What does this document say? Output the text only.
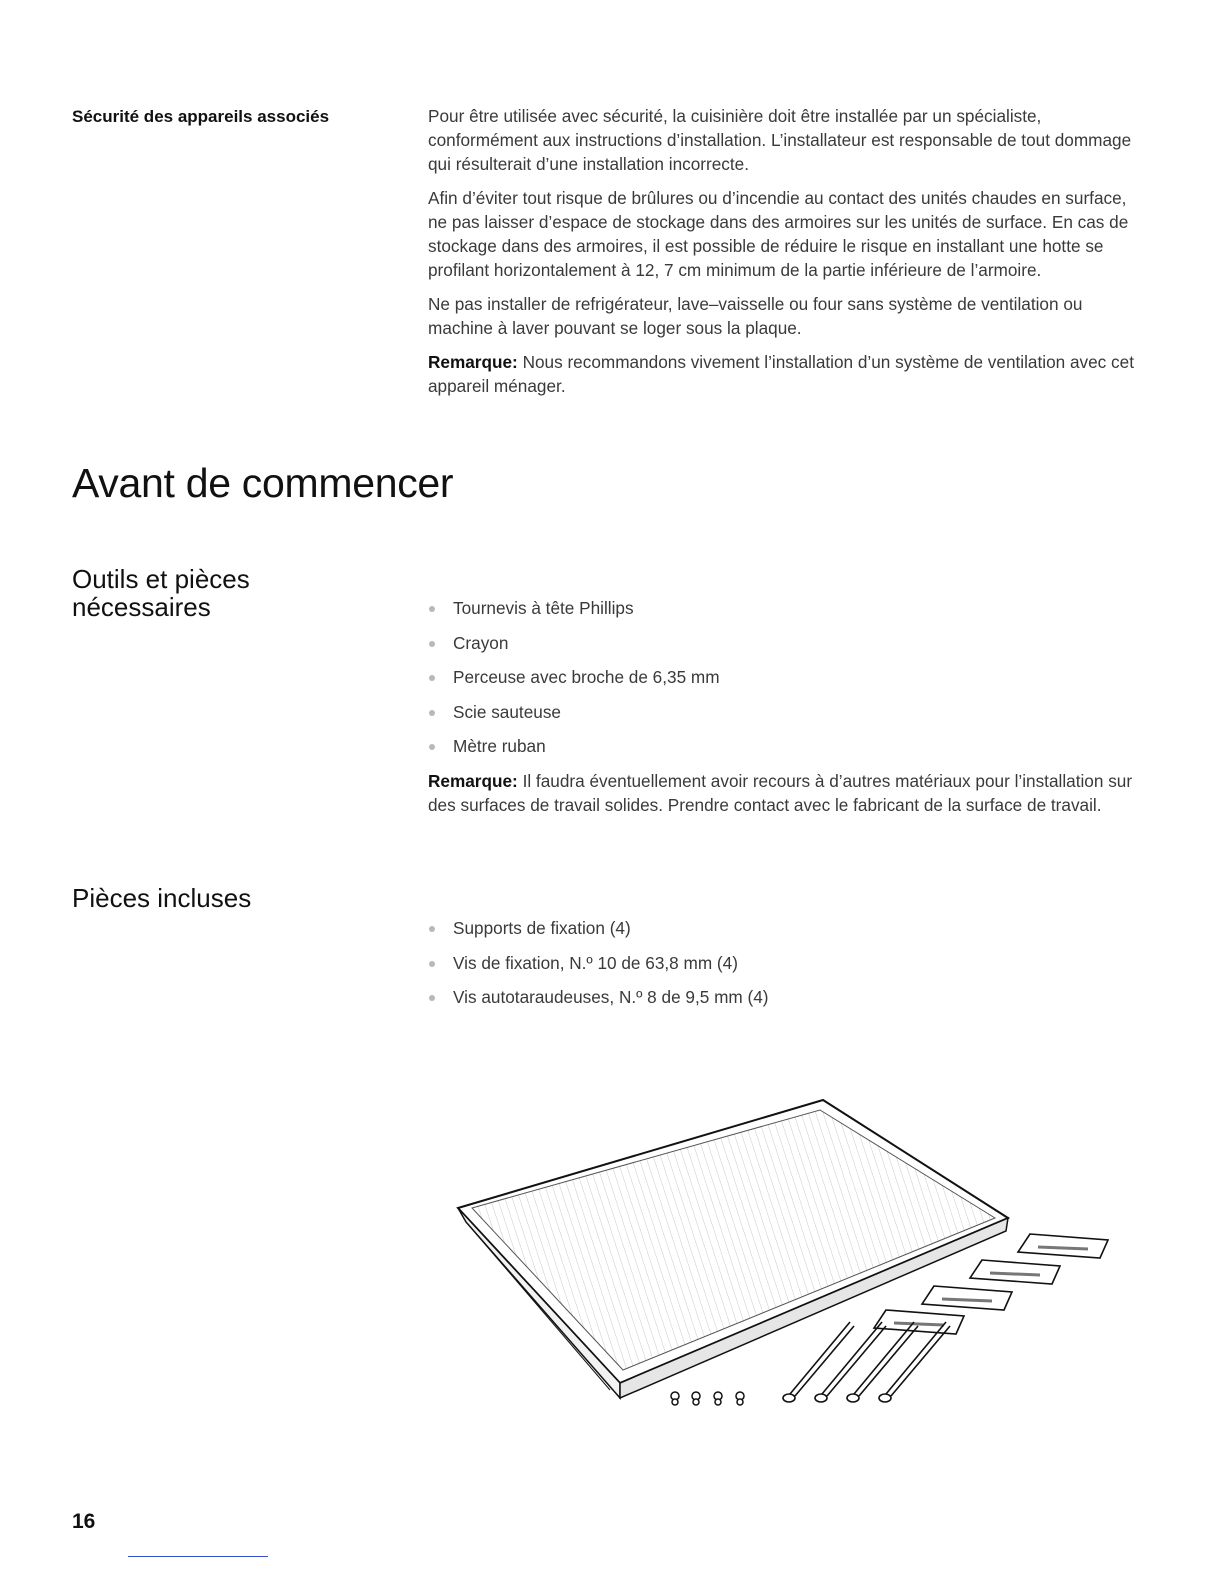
Sécurité des appareils associés	Pour être utilisée avec sécurité, la cuisinière doit être installée par un spécialiste, conformément aux instructions d’installation. L’installateur est responsable de tout dommage qui résulterait d’une installation incorrecte.

Afin d’éviter tout risque de brûlures ou d’incendie au contact des unités chaudes en surface, ne pas laisser d’espace de stockage dans des armoires sur les unités de surface. En cas de stockage dans des armoires, il est possible de réduire le risque en installant une hotte se profilant horizontalement à 12, 7 cm minimum de la partie inférieure de l’armoire.

Ne pas installer de refrigérateur, lave–vaisselle ou four sans système de ventilation ou machine à laver pouvant se loger sous la plaque.

Remarque: Nous recommandons vivement l’installation d’un système de ventilation avec cet appareil ménager.

Avant de commencer
Outils et pièces
nécessaires	Tournevis à tête Phillips
Crayon
Perceuse avec broche de 6,35 mm
Scie sauteuse
Mètre ruban

Remarque: Il faudra éventuellement avoir recours à d’autres matériaux pour l’installation sur des surfaces de travail solides. Prendre contact avec le fabricant de la surface de travail.

Pièces incluses
Supports de fixation (4)
Vis de fixation, N.º 10 de 63,8 mm (4)
Vis autotaraudeuses, N.º 8 de 9,5 mm (4)
16
